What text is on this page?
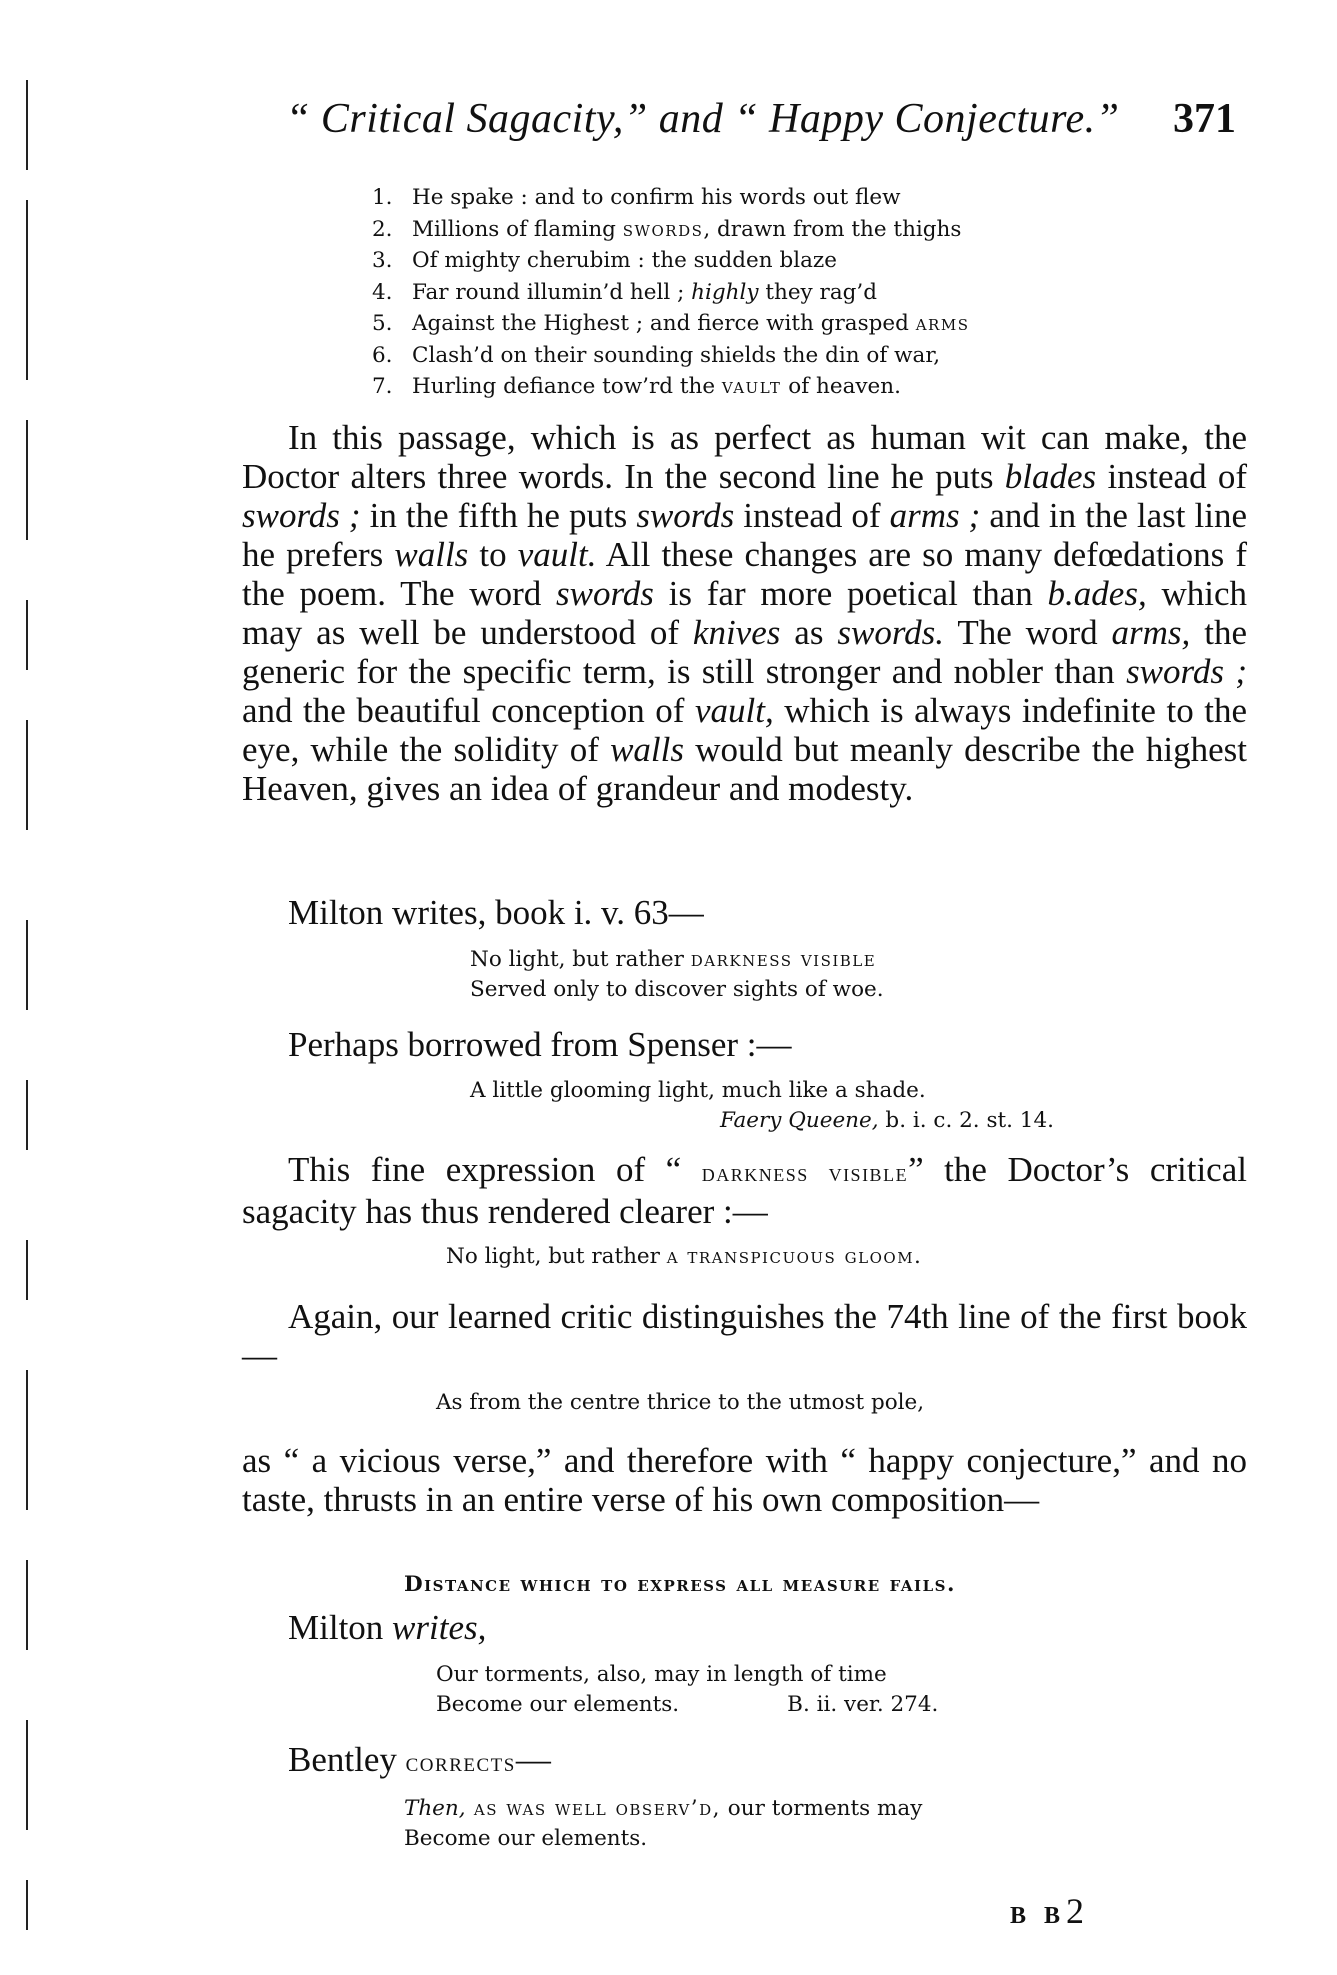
“ Critical Sagacity,” and “ Happy Conjecture.” 371
1. He spake : and to confirm his words out flew
2. Millions of flaming swords, drawn from the thighs
3. Of mighty cherubim : the sudden blaze
4. Far round illumin’d hell ; highly they rag’d
5. Against the Highest ; and fierce with grasped arms
6. Clash’d on their sounding shields the din of war,
7. Hurling defiance tow’rd the vault of heaven.

In this passage, which is as perfect as human wit can make, the Doctor alters three words. In the second line he puts blades instead of swords ; in the fifth he puts swords instead of arms ; and in the last line he prefers walls to vault. All these changes are so many defœdations f the poem. The word swords is far more poetical than b.ades, which may as well be understood of knives as swords. The word arms, the generic for the specific term, is still stronger and nobler than swords ; and the beautiful conception of vault, which is always indefinite to the eye, while the solidity of walls would but meanly describe the highest Heaven, gives an idea of grandeur and modesty.

Milton writes, book i. v. 63—

No light, but rather darkness visible
Served only to discover sights of woe.

Perhaps borrowed from Spenser :—

A little glooming light, much like a shade.
Faery Queene, b. i. c. 2. st. 14.

This fine expression of “ darkness visible” the Doctor’s critical sagacity has thus rendered clearer :—

No light, but rather a transpicuous gloom.

Again, our learned critic distinguishes the 74th line of the first book—

As from the centre thrice to the utmost pole,

as “ a vicious verse,” and therefore with “ happy conjecture,” and no taste, thrusts in an entire verse of his own composition—

Distance which to express all measure fails.

Milton writes,

Our torments, also, may in length of time
Become our elements.	B. ii. ver. 274.

Bentley corrects—

Then, as was well observ’d, our torments may
Become our elements.
B B2
